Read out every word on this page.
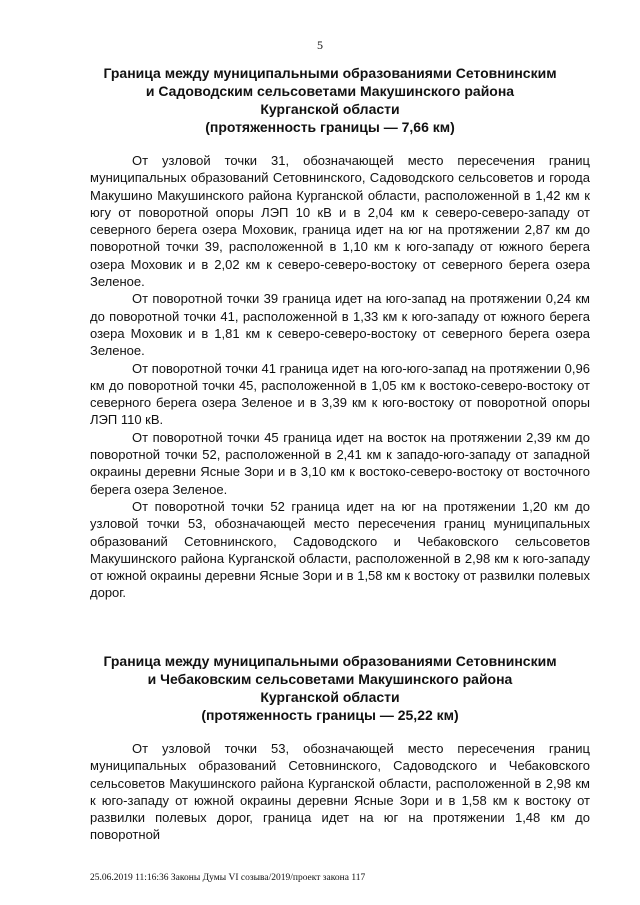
5
Граница между муниципальными образованиями Сетовнинским
и Садоводским сельсоветами Макушинского района
Курганской области
(протяженность границы — 7,66 км)

От узловой точки 31, обозначающей место пересечения границ муниципальных образований Сетовнинского, Садоводского сельсоветов и города Макушино Макушинского района Курганской области, расположенной в 1,42 км к югу от поворотной опоры ЛЭП 10 кВ и в 2,04 км к северо-северо-западу от северного берега озера Моховик, граница идет на юг на протяжении 2,87 км до поворотной точки 39, расположенной в 1,10 км к юго-западу от южного берега озера Моховик и в 2,02 км к северо-северо-востоку от северного берега озера Зеленое.

От поворотной точки 39 граница идет на юго-запад на протяжении 0,24 км до поворотной точки 41, расположенной в 1,33 км к юго-западу от южного берега озера Моховик и в 1,81 км к северо-северо-востоку от северного берега озера Зеленое.

От поворотной точки 41 граница идет на юго-юго-запад на протяжении 0,96 км до поворотной точки 45, расположенной в 1,05 км к востоко-северо-востоку от северного берега озера Зеленое и в 3,39 км к юго-востоку от поворотной опоры ЛЭП 110 кВ.

От поворотной точки 45 граница идет на восток на протяжении 2,39 км до поворотной точки 52, расположенной в 2,41 км к западо-юго-западу от западной окраины деревни Ясные Зори и в 3,10 км к востоко-северо-востоку от восточного берега озера Зеленое.

От поворотной точки 52 граница идет на юг на протяжении 1,20 км до узловой точки 53, обозначающей место пересечения границ муниципальных образований Сетовнинского, Садоводского и Чебаковского сельсоветов Макушинского района Курганской области, расположенной в 2,98 км к юго-западу от южной окраины деревни Ясные Зори и в 1,58 км к востоку от развилки полевых дорог.

Граница между муниципальными образованиями Сетовнинским
и Чебаковским сельсоветами Макушинского района
Курганской области
(протяженность границы — 25,22 км)

От узловой точки 53, обозначающей место пересечения границ муниципальных образований Сетовнинского, Садоводского и Чебаковского сельсоветов Макушинского района Курганской области, расположенной в 2,98 км к юго-западу от южной окраины деревни Ясные Зори и в 1,58 км к востоку от развилки полевых дорог, граница идет на юг на протяжении 1,48 км до поворотной

25.06.2019 11:16:36 Законы Думы VI созыва/2019/проект закона 117
